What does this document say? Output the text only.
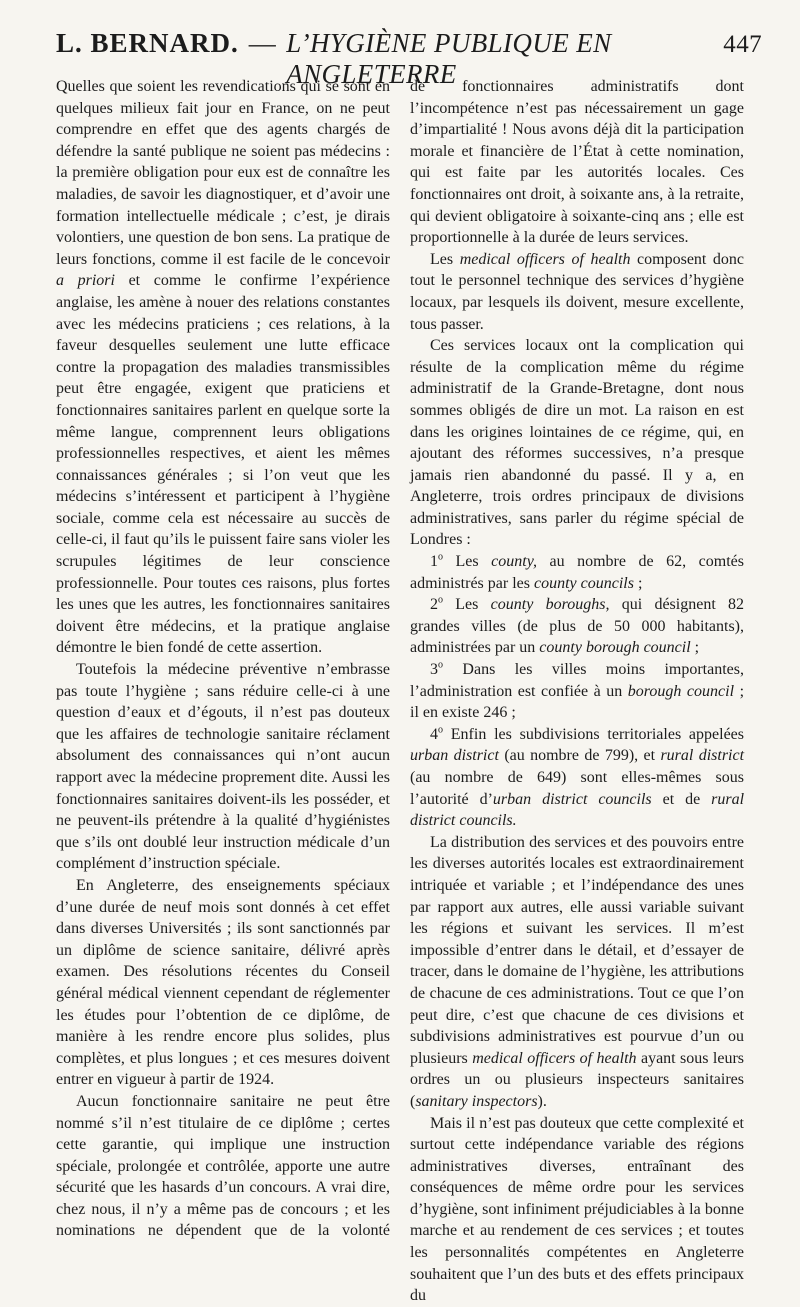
L. BERNARD. — L’HYGIÈNE PUBLIQUE EN ANGLETERRE
447

Quelles que soient les revendications qui se sont en quelques milieux fait jour en France, on ne peut comprendre en effet que des agents chargés de défendre la santé publique ne soient pas médecins : la première obligation pour eux est de connaître les maladies, de savoir les diagnostiquer, et d’avoir une formation intellectuelle médicale ; c’est, je dirais volontiers, une question de bon sens. La pratique de leurs fonctions, comme il est facile de le concevoir a priori et comme le confirme l’expérience anglaise, les amène à nouer des relations constantes avec les médecins praticiens ; ces relations, à la faveur desquelles seulement une lutte efficace contre la propagation des maladies transmissibles peut être engagée, exigent que praticiens et fonctionnaires sanitaires parlent en quelque sorte la même langue, comprennent leurs obligations professionnelles respectives, et aient les mêmes connaissances générales ; si l’on veut que les médecins s’intéressent et participent à l’hygiène sociale, comme cela est nécessaire au succès de celle-ci, il faut qu’ils le puissent faire sans violer les scrupules légitimes de leur conscience professionnelle. Pour toutes ces raisons, plus fortes les unes que les autres, les fonctionnaires sanitaires doivent être médecins, et la pratique anglaise démontre le bien fondé de cette assertion.

Toutefois la médecine préventive n’embrasse pas toute l’hygiène ; sans réduire celle-ci à une question d’eaux et d’égouts, il n’est pas douteux que les affaires de technologie sanitaire réclament absolument des connaissances qui n’ont aucun rapport avec la médecine proprement dite. Aussi les fonctionnaires sanitaires doivent-ils les posséder, et ne peuvent-ils prétendre à la qualité d’hygiénistes que s’ils ont doublé leur instruction médicale d’un complément d’instruction spéciale.

En Angleterre, des enseignements spéciaux d’une durée de neuf mois sont donnés à cet effet dans diverses Universités ; ils sont sanctionnés par un diplôme de science sanitaire, délivré après examen. Des résolutions récentes du Conseil général médical viennent cependant de réglementer les études pour l’obtention de ce diplôme, de manière à les rendre encore plus solides, plus complètes, et plus longues ; et ces mesures doivent entrer en vigueur à partir de 1924.

Aucun fonctionnaire sanitaire ne peut être nommé s’il n’est titulaire de ce diplôme ; certes cette garantie, qui implique une instruction spéciale, prolongée et contrôlée, apporte une autre sécurité que les hasards d’un concours. A vrai dire, chez nous, il n’y a même pas de concours ; et les nominations ne dépendent que de la volonté

de fonctionnaires administratifs dont l’incompétence n’est pas nécessairement un gage d’impartialité ! Nous avons déjà dit la participation morale et financière de l’État à cette nomination, qui est faite par les autorités locales. Ces fonctionnaires ont droit, à soixante ans, à la retraite, qui devient obligatoire à soixante-cinq ans ; elle est proportionnelle à la durée de leurs services.

Les medical officers of health composent donc tout le personnel technique des services d’hygiène locaux, par lesquels ils doivent, mesure excellente, tous passer.

Ces services locaux ont la complication qui résulte de la complication même du régime administratif de la Grande-Bretagne, dont nous sommes obligés de dire un mot. La raison en est dans les origines lointaines de ce régime, qui, en ajoutant des réformes successives, n’a presque jamais rien abandonné du passé. Il y a, en Angleterre, trois ordres principaux de divisions administratives, sans parler du régime spécial de Londres :

1$^o$ Les county, au nombre de 62, comtés administrés par les county councils ;

2$^o$ Les county boroughs, qui désignent 82 grandes villes (de plus de 50 000 habitants), administrées par un county borough council ;

3$^o$ Dans les villes moins importantes, l’administration est confiée à un borough council ; il en existe 246 ;

4$^o$ Enfin les subdivisions territoriales appelées urban district (au nombre de 799), et rural district (au nombre de 649) sont elles-mêmes sous l’autorité d’urban district councils et de rural district councils.

La distribution des services et des pouvoirs entre les diverses autorités locales est extraordinairement intriquée et variable ; et l’indépendance des unes par rapport aux autres, elle aussi variable suivant les régions et suivant les services. Il m’est impossible d’entrer dans le détail, et d’essayer de tracer, dans le domaine de l’hygiène, les attributions de chacune de ces administrations. Tout ce que l’on peut dire, c’est que chacune de ces divisions et subdivisions administratives est pourvue d’un ou plusieurs medical officers of health ayant sous leurs ordres un ou plusieurs inspecteurs sanitaires (sanitary inspectors).

Mais il n’est pas douteux que cette complexité et surtout cette indépendance variable des régions administratives diverses, entraînant des conséquences de même ordre pour les services d’hygiène, sont infiniment préjudiciables à la bonne marche et au rendement de ces services ; et toutes les personnalités compétentes en Angleterre souhaitent que l’un des buts et des effets principaux du
